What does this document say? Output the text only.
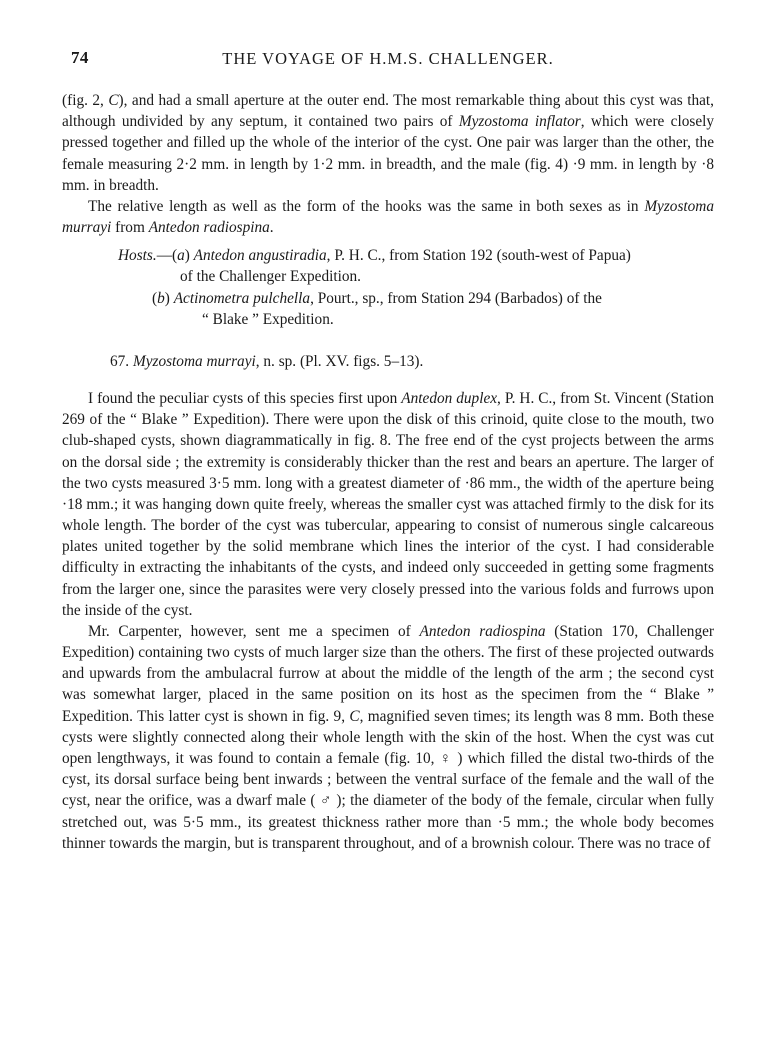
74	THE VOYAGE OF H.M.S. CHALLENGER.

(fig. 2, C), and had a small aperture at the outer end. The most remarkable thing about this cyst was that, although undivided by any septum, it contained two pairs of Myzostoma inflator, which were closely pressed together and filled up the whole of the interior of the cyst. One pair was larger than the other, the female measuring 2·2 mm. in length by 1·2 mm. in breadth, and the male (fig. 4) ·9 mm. in length by ·8 mm. in breadth.

The relative length as well as the form of the hooks was the same in both sexes as in Myzostoma murrayi from Antedon radiospina.

Hosts.—(a) Antedon angustiradia, P. H. C., from Station 192 (south-west of Papua)
of the Challenger Expedition.
(b) Actinometra pulchella, Pourt., sp., from Station 294 (Barbados) of the
“ Blake ” Expedition.

67. Myzostoma murrayi, n. sp. (Pl. XV. figs. 5–13).

I found the peculiar cysts of this species first upon Antedon duplex, P. H. C., from St. Vincent (Station 269 of the “ Blake ” Expedition). There were upon the disk of this crinoid, quite close to the mouth, two club-shaped cysts, shown diagrammatically in fig. 8. The free end of the cyst projects between the arms on the dorsal side ; the extremity is considerably thicker than the rest and bears an aperture. The larger of the two cysts measured 3·5 mm. long with a greatest diameter of ·86 mm., the width of the aperture being ·18 mm.; it was hanging down quite freely, whereas the smaller cyst was attached firmly to the disk for its whole length. The border of the cyst was tubercular, appearing to consist of numerous single calcareous plates united together by the solid membrane which lines the interior of the cyst. I had considerable difficulty in extracting the inhabitants of the cysts, and indeed only succeeded in getting some fragments from the larger one, since the parasites were very closely pressed into the various folds and furrows upon the inside of the cyst.

Mr. Carpenter, however, sent me a specimen of Antedon radiospina (Station 170, Challenger Expedition) containing two cysts of much larger size than the others. The first of these projected outwards and upwards from the ambulacral furrow at about the middle of the length of the arm ; the second cyst was somewhat larger, placed in the same position on its host as the specimen from the “ Blake ” Expedition. This latter cyst is shown in fig. 9, C, magnified seven times; its length was 8 mm. Both these cysts were slightly connected along their whole length with the skin of the host. When the cyst was cut open lengthways, it was found to contain a female (fig. 10, ♀ ) which filled the distal two-thirds of the cyst, its dorsal surface being bent inwards ; between the ventral surface of the female and the wall of the cyst, near the orifice, was a dwarf male ( ♂ ); the diameter of the body of the female, circular when fully stretched out, was 5·5 mm., its greatest thickness rather more than ·5 mm.; the whole body becomes thinner towards the margin, but is transparent throughout, and of a brownish colour. There was no trace of
